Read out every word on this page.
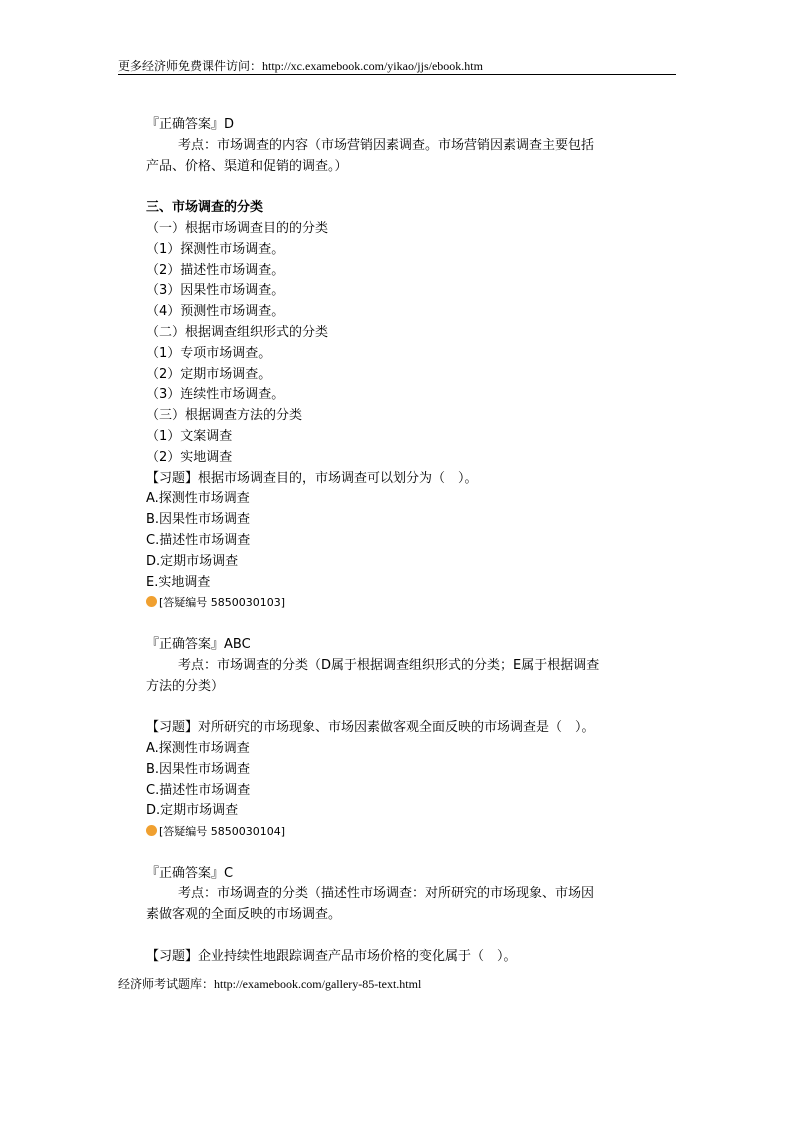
更多经济师免费课件访问：http://xc.examebook.com/yikao/jjs/ebook.htm
『正确答案』D
考点：市场调查的内容（市场营销因素调查。市场营销因素调查主要包括
产品、价格、渠道和促销的调查。）
三、市场调查的分类
（一）根据市场调查目的的分类
（1）探测性市场调查。
（2）描述性市场调查。
（3）因果性市场调查。
（4）预测性市场调查。
（二）根据调查组织形式的分类
（1）专项市场调查。
（2）定期市场调查。
（3）连续性市场调查。
（三）根据调查方法的分类
（1）文案调查
（2）实地调查
【习题】根据市场调查目的，市场调查可以划分为（　）。
A.探测性市场调查
B.因果性市场调查
C.描述性市场调查
D.定期市场调查
E.实地调查
[答疑编号 5850030103]
『正确答案』ABC
考点：市场调查的分类（D属于根据调查组织形式的分类；E属于根据调查
方法的分类）
【习题】对所研究的市场现象、市场因素做客观全面反映的市场调查是（　）。
A.探测性市场调查
B.因果性市场调查
C.描述性市场调查
D.定期市场调查
[答疑编号 5850030104]
『正确答案』C
考点：市场调查的分类（描述性市场调查：对所研究的市场现象、市场因
素做客观的全面反映的市场调查。
【习题】企业持续性地跟踪调查产品市场价格的变化属于（　）。
经济师考试题库：http://examebook.com/gallery-85-text.html
